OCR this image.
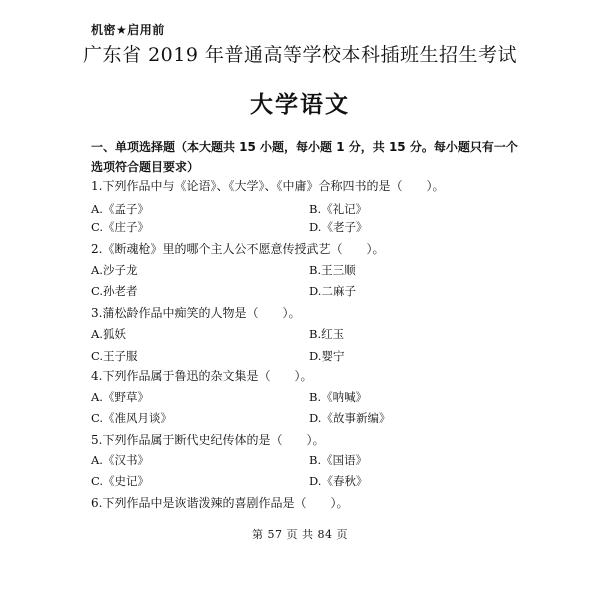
机密★启用前
广东省 2019 年普通高等学校本科插班生招生考试
大学语文
一、单项选择题（本大题共 15 小题，每小题 1 分，共 15 分。每小题只有一个选项符合题目要求）
1.下列作品中与《论语》、《大学》、《中庸》合称四书的是（　　）。
A.《孟子》	B.《礼记》
C.《庄子》	D.《老子》
2.《断魂枪》里的哪个主人公不愿意传授武艺（　　）。
A.沙子龙	B.王三顺
C.孙老者	D.二麻子
3.蒲松龄作品中痴笑的人物是（　　）。
A.狐妖	B.红玉
C.王子服	D.婴宁
4.下列作品属于鲁迅的杂文集是（　　）。
A.《野草》	B.《呐喊》
C.《准风月谈》	D.《故事新编》
5.下列作品属于断代史纪传体的是（　　）。
A.《汉书》	B.《国语》
C.《史记》	D.《春秋》
6.下列作品中是诙谐泼辣的喜剧作品是（　　）。
第 57 页 共 84 页
